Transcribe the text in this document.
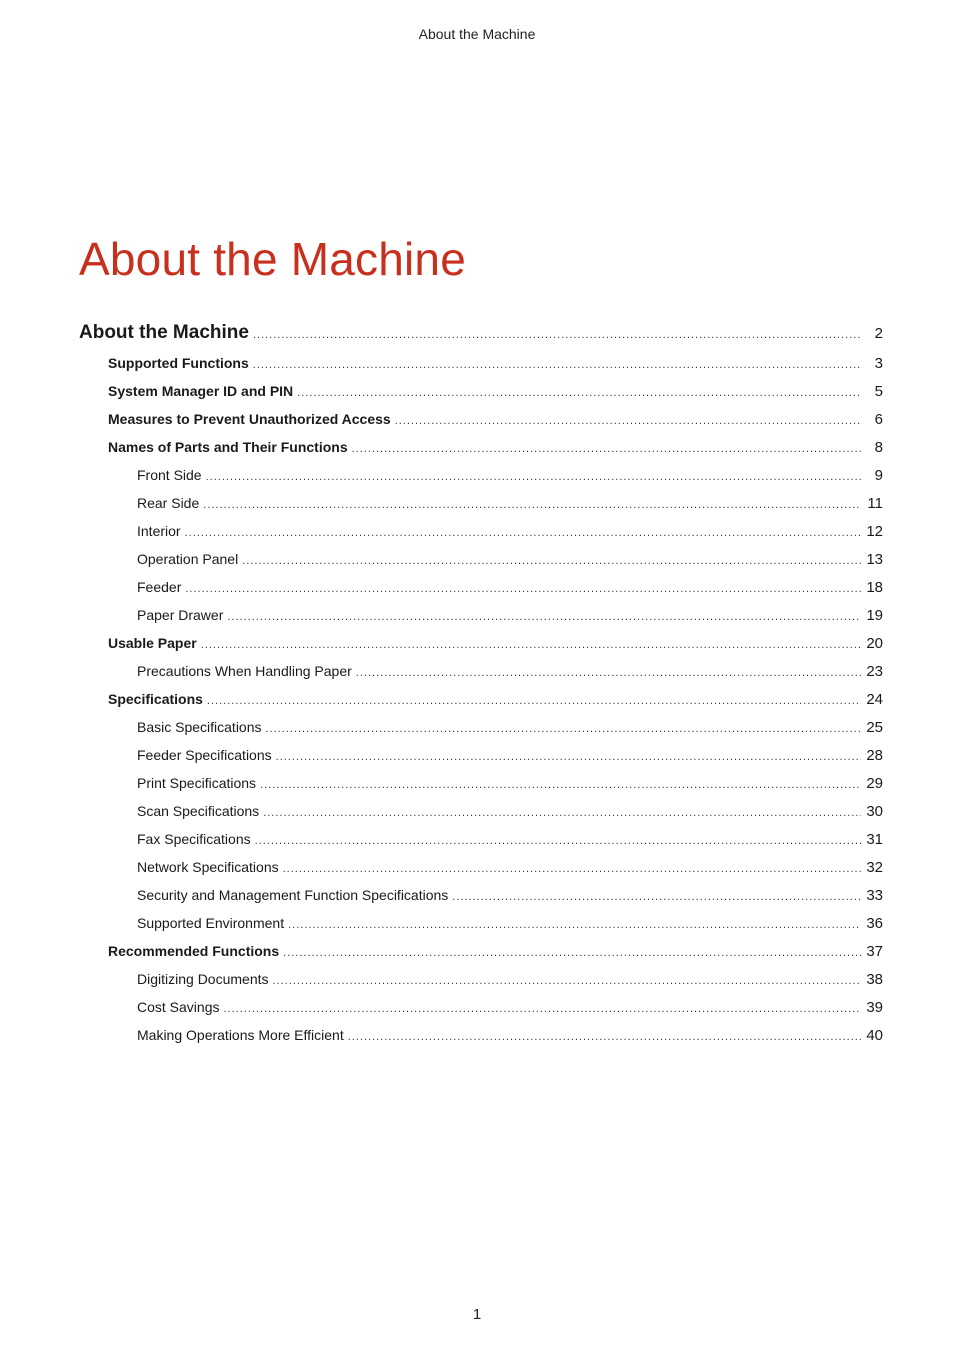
About the Machine
About the Machine
About the Machine .....	2
Supported Functions .....	3
System Manager ID and PIN .....	5
Measures to Prevent Unauthorized Access .....	6
Names of Parts and Their Functions .....	8
Front Side .....	9
Rear Side .....	11
Interior .....	12
Operation Panel .....	13
Feeder .....	18
Paper Drawer .....	19
Usable Paper .....	20
Precautions When Handling Paper .....	23
Specifications .....	24
Basic Specifications .....	25
Feeder Specifications .....	28
Print Specifications .....	29
Scan Specifications .....	30
Fax Specifications .....	31
Network Specifications .....	32
Security and Management Function Specifications .....	33
Supported Environment .....	36
Recommended Functions .....	37
Digitizing Documents .....	38
Cost Savings .....	39
Making Operations More Efficient .....	40
1
